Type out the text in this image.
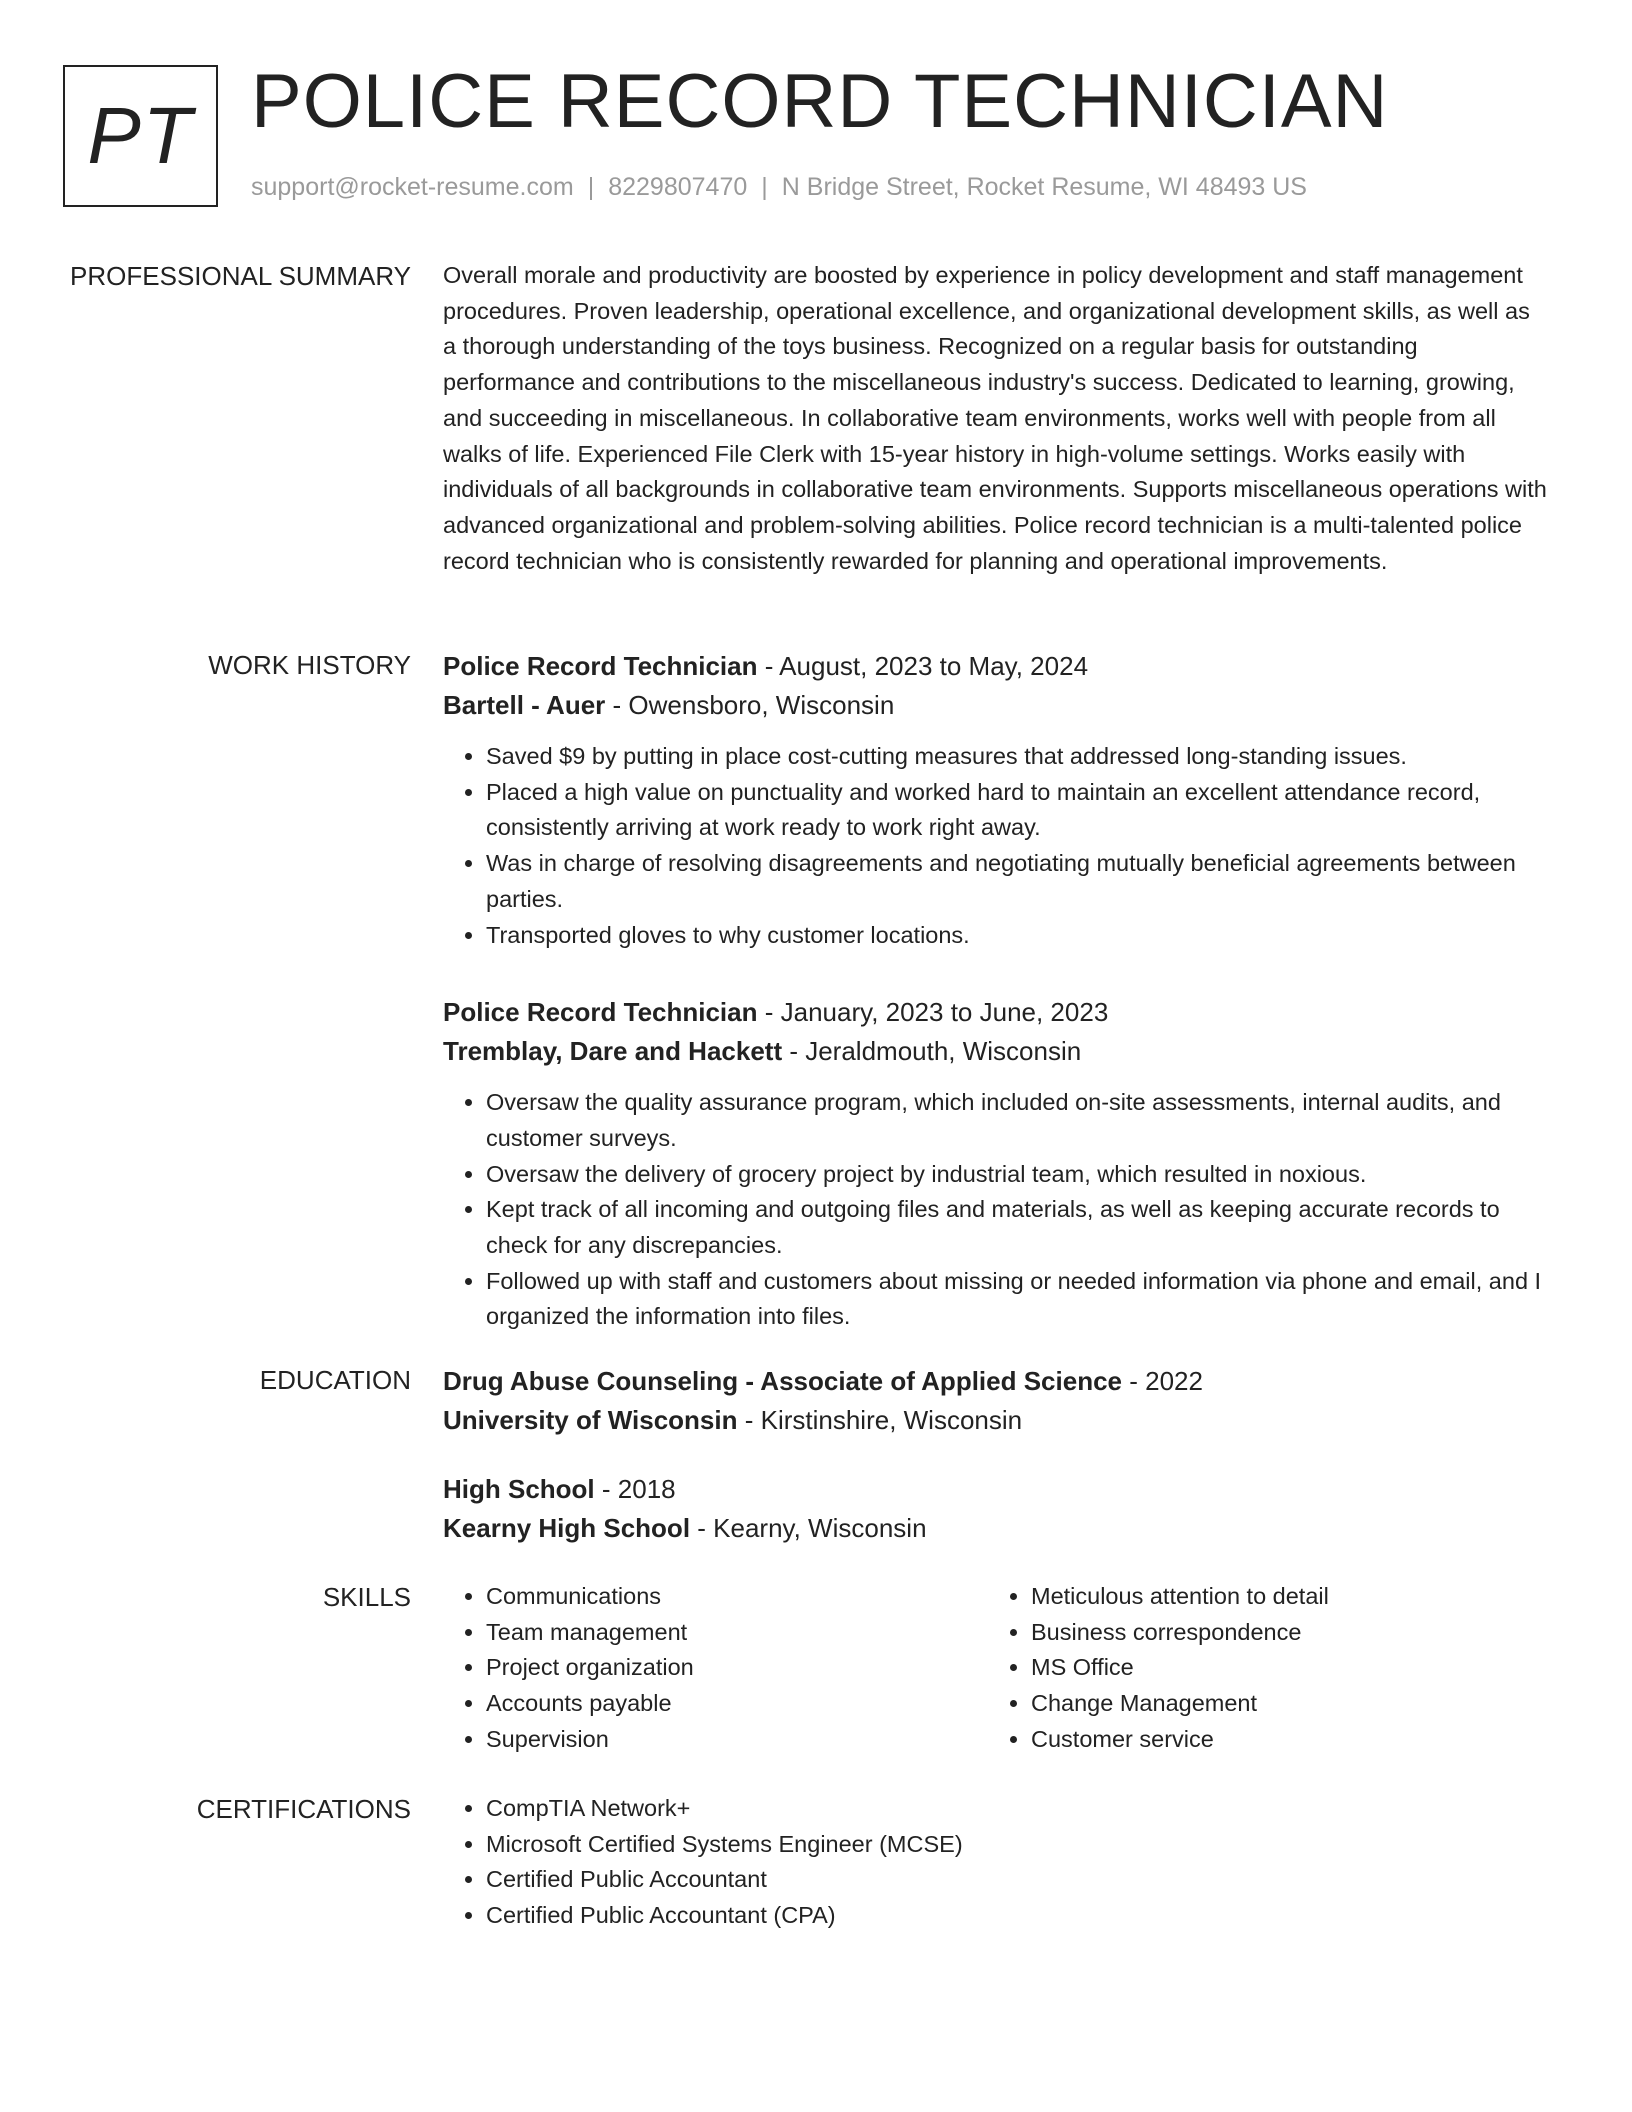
PT POLICE RECORD TECHNICIAN
support@rocket-resume.com | 8229807470 | N Bridge Street, Rocket Resume, WI 48493 US
PROFESSIONAL SUMMARY Overall morale and productivity are boosted by experience in policy development and staff management procedures. Proven leadership, operational excellence, and organizational development skills, as well as a thorough understanding of the toys business. Recognized on a regular basis for outstanding performance and contributions to the miscellaneous industry's success. Dedicated to learning, growing, and succeeding in miscellaneous. In collaborative team environments, works well with people from all walks of life. Experienced File Clerk with 15-year history in high-volume settings. Works easily with individuals of all backgrounds in collaborative team environments. Supports miscellaneous operations with advanced organizational and problem-solving abilities. Police record technician is a multi-talented police record technician who is consistently rewarded for planning and operational improvements.

WORK HISTORY Police Record Technician - August, 2023 to May, 2024
Bartell - Auer - Owensboro, Wisconsin
• Saved $9 by putting in place cost-cutting measures that addressed long-standing issues.
• Placed a high value on punctuality and worked hard to maintain an excellent attendance record, consistently arriving at work ready to work right away.
• Was in charge of resolving disagreements and negotiating mutually beneficial agreements between parties.
• Transported gloves to why customer locations.
Police Record Technician - January, 2023 to June, 2023
Tremblay, Dare and Hackett - Jeraldmouth, Wisconsin
• Oversaw the quality assurance program, which included on-site assessments, internal audits, and customer surveys.
• Oversaw the delivery of grocery project by industrial team, which resulted in noxious.
• Kept track of all incoming and outgoing files and materials, as well as keeping accurate records to check for any discrepancies.
• Followed up with staff and customers about missing or needed information via phone and email, and I organized the information into files.
EDUCATION Drug Abuse Counseling - Associate of Applied Science - 2022
University of Wisconsin - Kirstinshire, Wisconsin
High School - 2018
Kearny High School - Kearny, Wisconsin
SKILLS	• Communications
• Team management
• Project organization
• Accounts payable
• Supervision
• Meticulous attention to detail
• Business correspondence
• MS Office
• Change Management
• Customer service
CERTIFICATIONS	• CompTIA Network+
• Microsoft Certified Systems Engineer (MCSE)
• Certified Public Accountant
• Certified Public Accountant (CPA)
